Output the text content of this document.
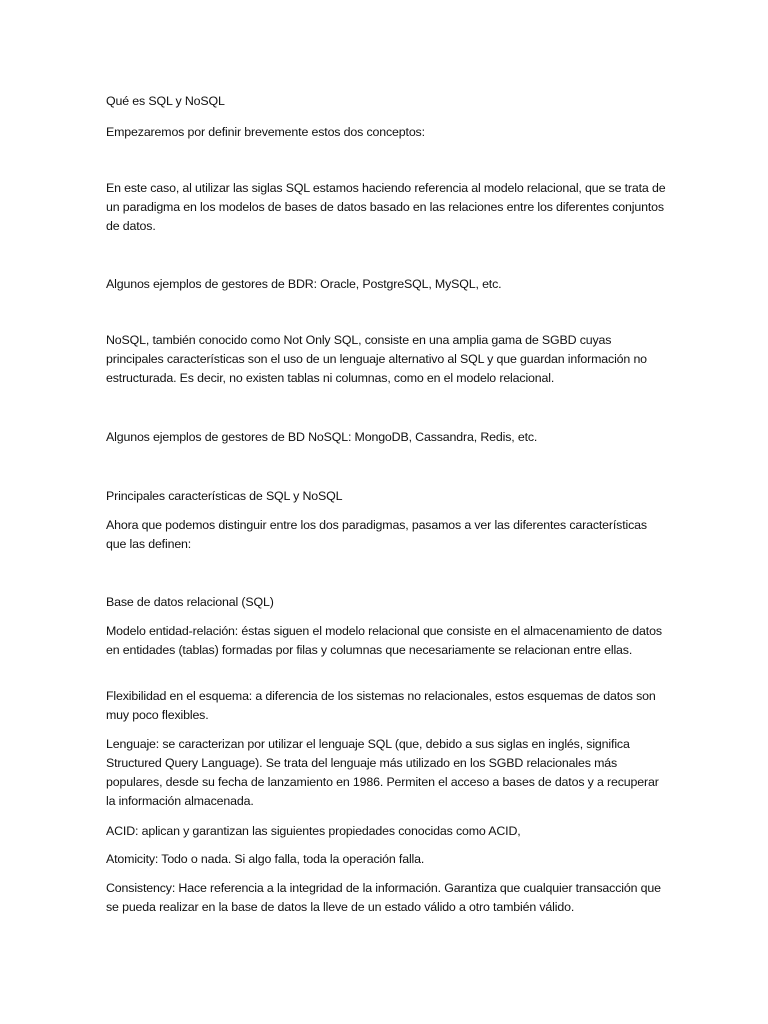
Qué es SQL y NoSQL

Empezaremos por definir brevemente estos dos conceptos:

En este caso, al utilizar las siglas SQL estamos haciendo referencia al modelo relacional, que se trata de un paradigma en los modelos de bases de datos basado en las relaciones entre los diferentes conjuntos de datos.

Algunos ejemplos de gestores de BDR: Oracle, PostgreSQL, MySQL, etc.

NoSQL, también conocido como Not Only SQL, consiste en una amplia gama de SGBD cuyas principales características son el uso de un lenguaje alternativo al SQL y que guardan información no estructurada. Es decir, no existen tablas ni columnas, como en el modelo relacional.

Algunos ejemplos de gestores de BD NoSQL: MongoDB, Cassandra, Redis, etc.

Principales características de SQL y NoSQL

Ahora que podemos distinguir entre los dos paradigmas, pasamos a ver las diferentes características que las definen:

Base de datos relacional (SQL)

Modelo entidad-relación: éstas siguen el modelo relacional que consiste en el almacenamiento de datos en entidades (tablas) formadas por filas y columnas que necesariamente se relacionan entre ellas.

Flexibilidad en el esquema: a diferencia de los sistemas no relacionales, estos esquemas de datos son muy poco flexibles.

Lenguaje: se caracterizan por utilizar el lenguaje SQL (que, debido a sus siglas en inglés, significa Structured Query Language). Se trata del lenguaje más utilizado en los SGBD relacionales más populares, desde su fecha de lanzamiento en 1986. Permiten el acceso a bases de datos y a recuperar la información almacenada.

ACID: aplican y garantizan las siguientes propiedades conocidas como ACID,

Atomicity: Todo o nada. Si algo falla, toda la operación falla.

Consistency: Hace referencia a la integridad de la información. Garantiza que cualquier transacción que se pueda realizar en la base de datos la lleve de un estado válido a otro también válido.
